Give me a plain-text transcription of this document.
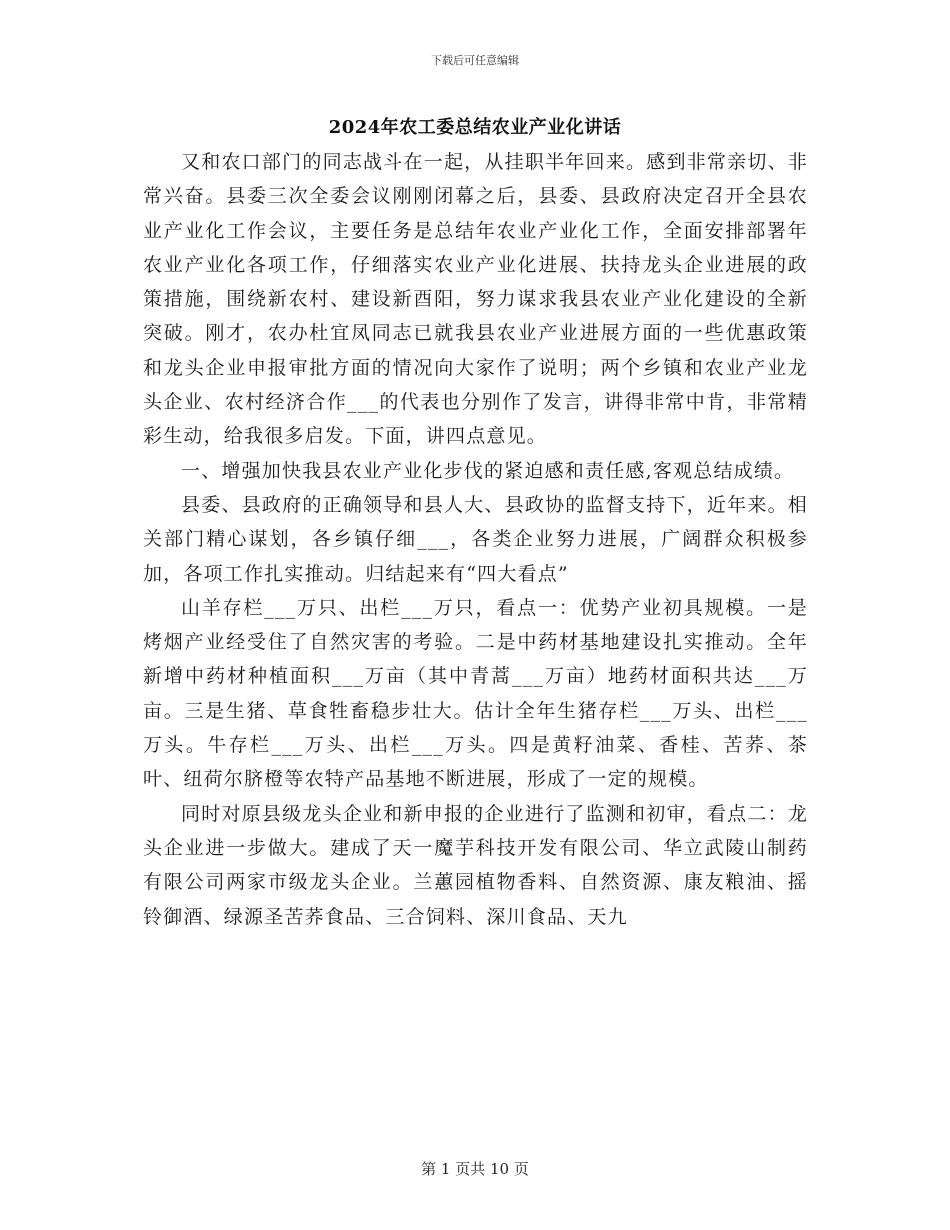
下载后可任意编辑
2024年农工委总结农业产业化讲话

又和农口部门的同志战斗在一起，从挂职半年回来。感到非常亲切、非常兴奋。县委三次全委会议刚刚闭幕之后，县委、县政府决定召开全县农业产业化工作会议，主要任务是总结年农业产业化工作，全面安排部署年农业产业化各项工作，仔细落实农业产业化进展、扶持龙头企业进展的政策措施，围绕新农村、建设新酉阳，努力谋求我县农业产业化建设的全新突破。刚才，农办杜宜凤同志已就我县农业产业进展方面的一些优惠政策和龙头企业申报审批方面的情况向大家作了说明；两个乡镇和农业产业龙头企业、农村经济合作___的代表也分别作了发言，讲得非常中肯，非常精彩生动，给我很多启发。下面，讲四点意见。

一、增强加快我县农业产业化步伐的紧迫感和责任感,客观总结成绩。

县委、县政府的正确领导和县人大、县政协的监督支持下，近年来。相关部门精心谋划，各乡镇仔细___，各类企业努力进展，广阔群众积极参加，各项工作扎实推动。归结起来有“四大看点”

山羊存栏___万只、出栏___万只，看点一：优势产业初具规模。一是烤烟产业经受住了自然灾害的考验。二是中药材基地建设扎实推动。全年新增中药材种植面积___万亩（其中青蒿___万亩）地药材面积共达___万亩。三是生猪、草食牲畜稳步壮大。估计全年生猪存栏___万头、出栏___万头。牛存栏___万头、出栏___万头。四是黄籽油菜、香桂、苦荞、茶叶、纽荷尔脐橙等农特产品基地不断进展，形成了一定的规模。

同时对原县级龙头企业和新申报的企业进行了监测和初审，看点二：龙头企业进一步做大。建成了天一魔芋科技开发有限公司、华立武陵山制药有限公司两家市级龙头企业。兰蕙园植物香料、自然资源、康友粮油、摇铃御酒、绿源圣苦荞食品、三合饲料、深川食品、天九

第 1 页共 10 页
